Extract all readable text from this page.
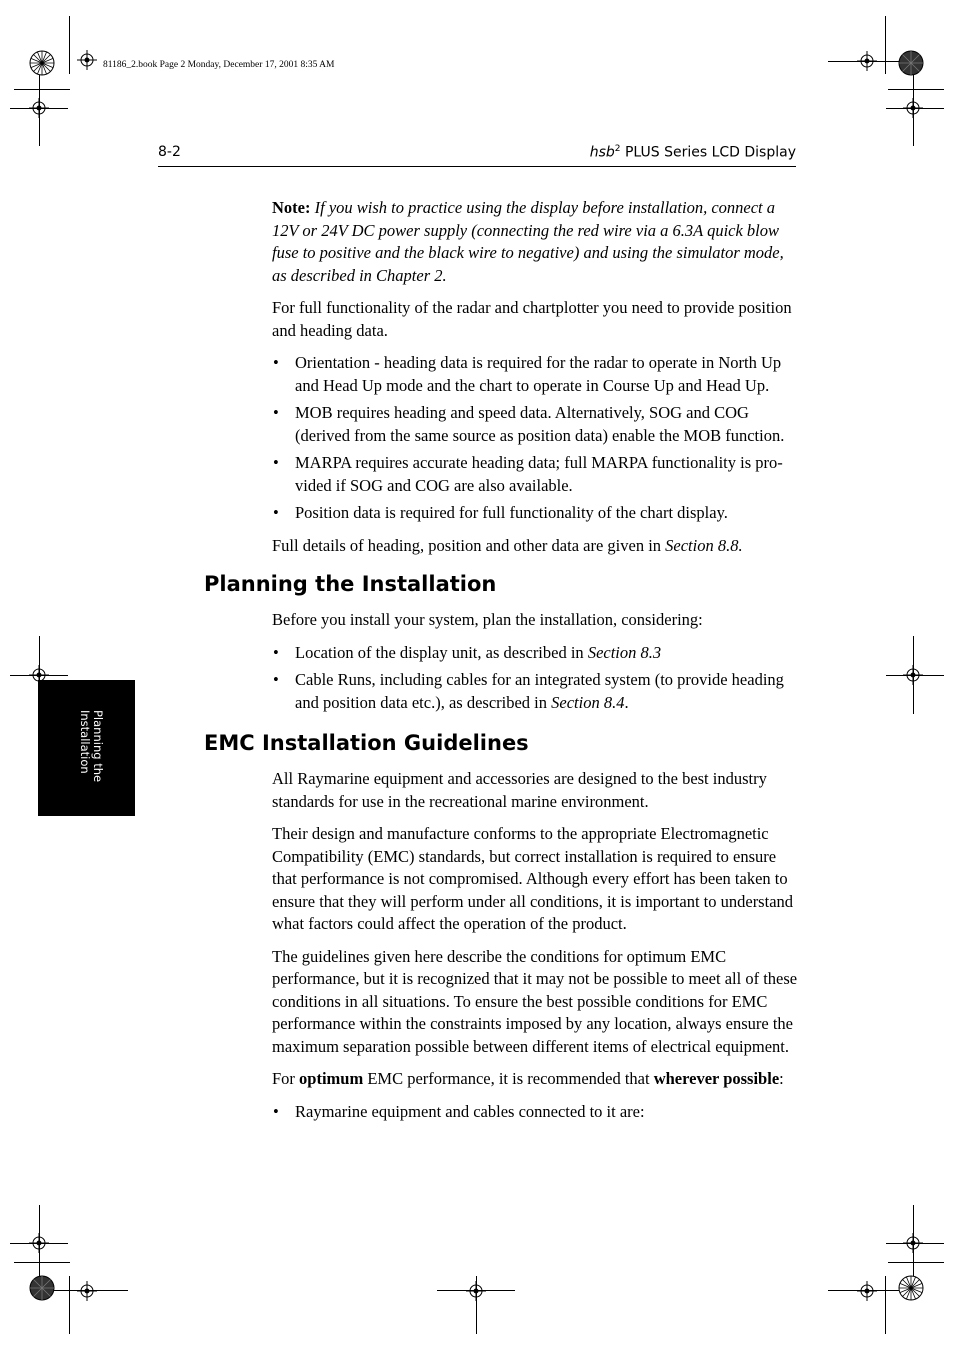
81186_2.book Page 2 Monday, December 17, 2001 8:35 AM
8-2	hsb$^2$ PLUS Series LCD Display
Planning the
Installation

Note: If you wish to practice using the display before installation, connect a 12V or 24V DC power supply (connecting the red wire via a 6.3A quick blow fuse to positive and the black wire to negative) and using the simulator mode, as described in Chapter 2.

For full functionality of the radar and chartplotter you need to provide position and heading data.

• Orientation - heading data is required for the radar to operate in North Up and Head Up mode and the chart to operate in Course Up and Head Up.
• MOB requires heading and speed data. Alternatively, SOG and COG (derived from the same source as position data) enable the MOB function.
• MARPA requires accurate heading data; full MARPA functionality is pro-vided if SOG and COG are also available.
• Position data is required for full functionality of the chart display.

Full details of heading, position and other data are given in Section 8.8.

Planning the Installation

Before you install your system, plan the installation, considering:

• Location of the display unit, as described in Section 8.3
• Cable Runs, including cables for an integrated system (to provide heading and position data etc.), as described in Section 8.4.
EMC Installation Guidelines

All Raymarine equipment and accessories are designed to the best industry standards for use in the recreational marine environment.

Their design and manufacture conforms to the appropriate Electromagnetic Compatibility (EMC) standards, but correct installation is required to ensure that performance is not compromised. Although every effort has been taken to ensure that they will perform under all conditions, it is important to understand what factors could affect the operation of the product.

The guidelines given here describe the conditions for optimum EMC performance, but it is recognized that it may not be possible to meet all of these conditions in all situations. To ensure the best possible conditions for EMC performance within the constraints imposed by any location, always ensure the maximum separation possible between different items of electrical equipment.

For optimum EMC performance, it is recommended that wherever possible:

• Raymarine equipment and cables connected to it are:
